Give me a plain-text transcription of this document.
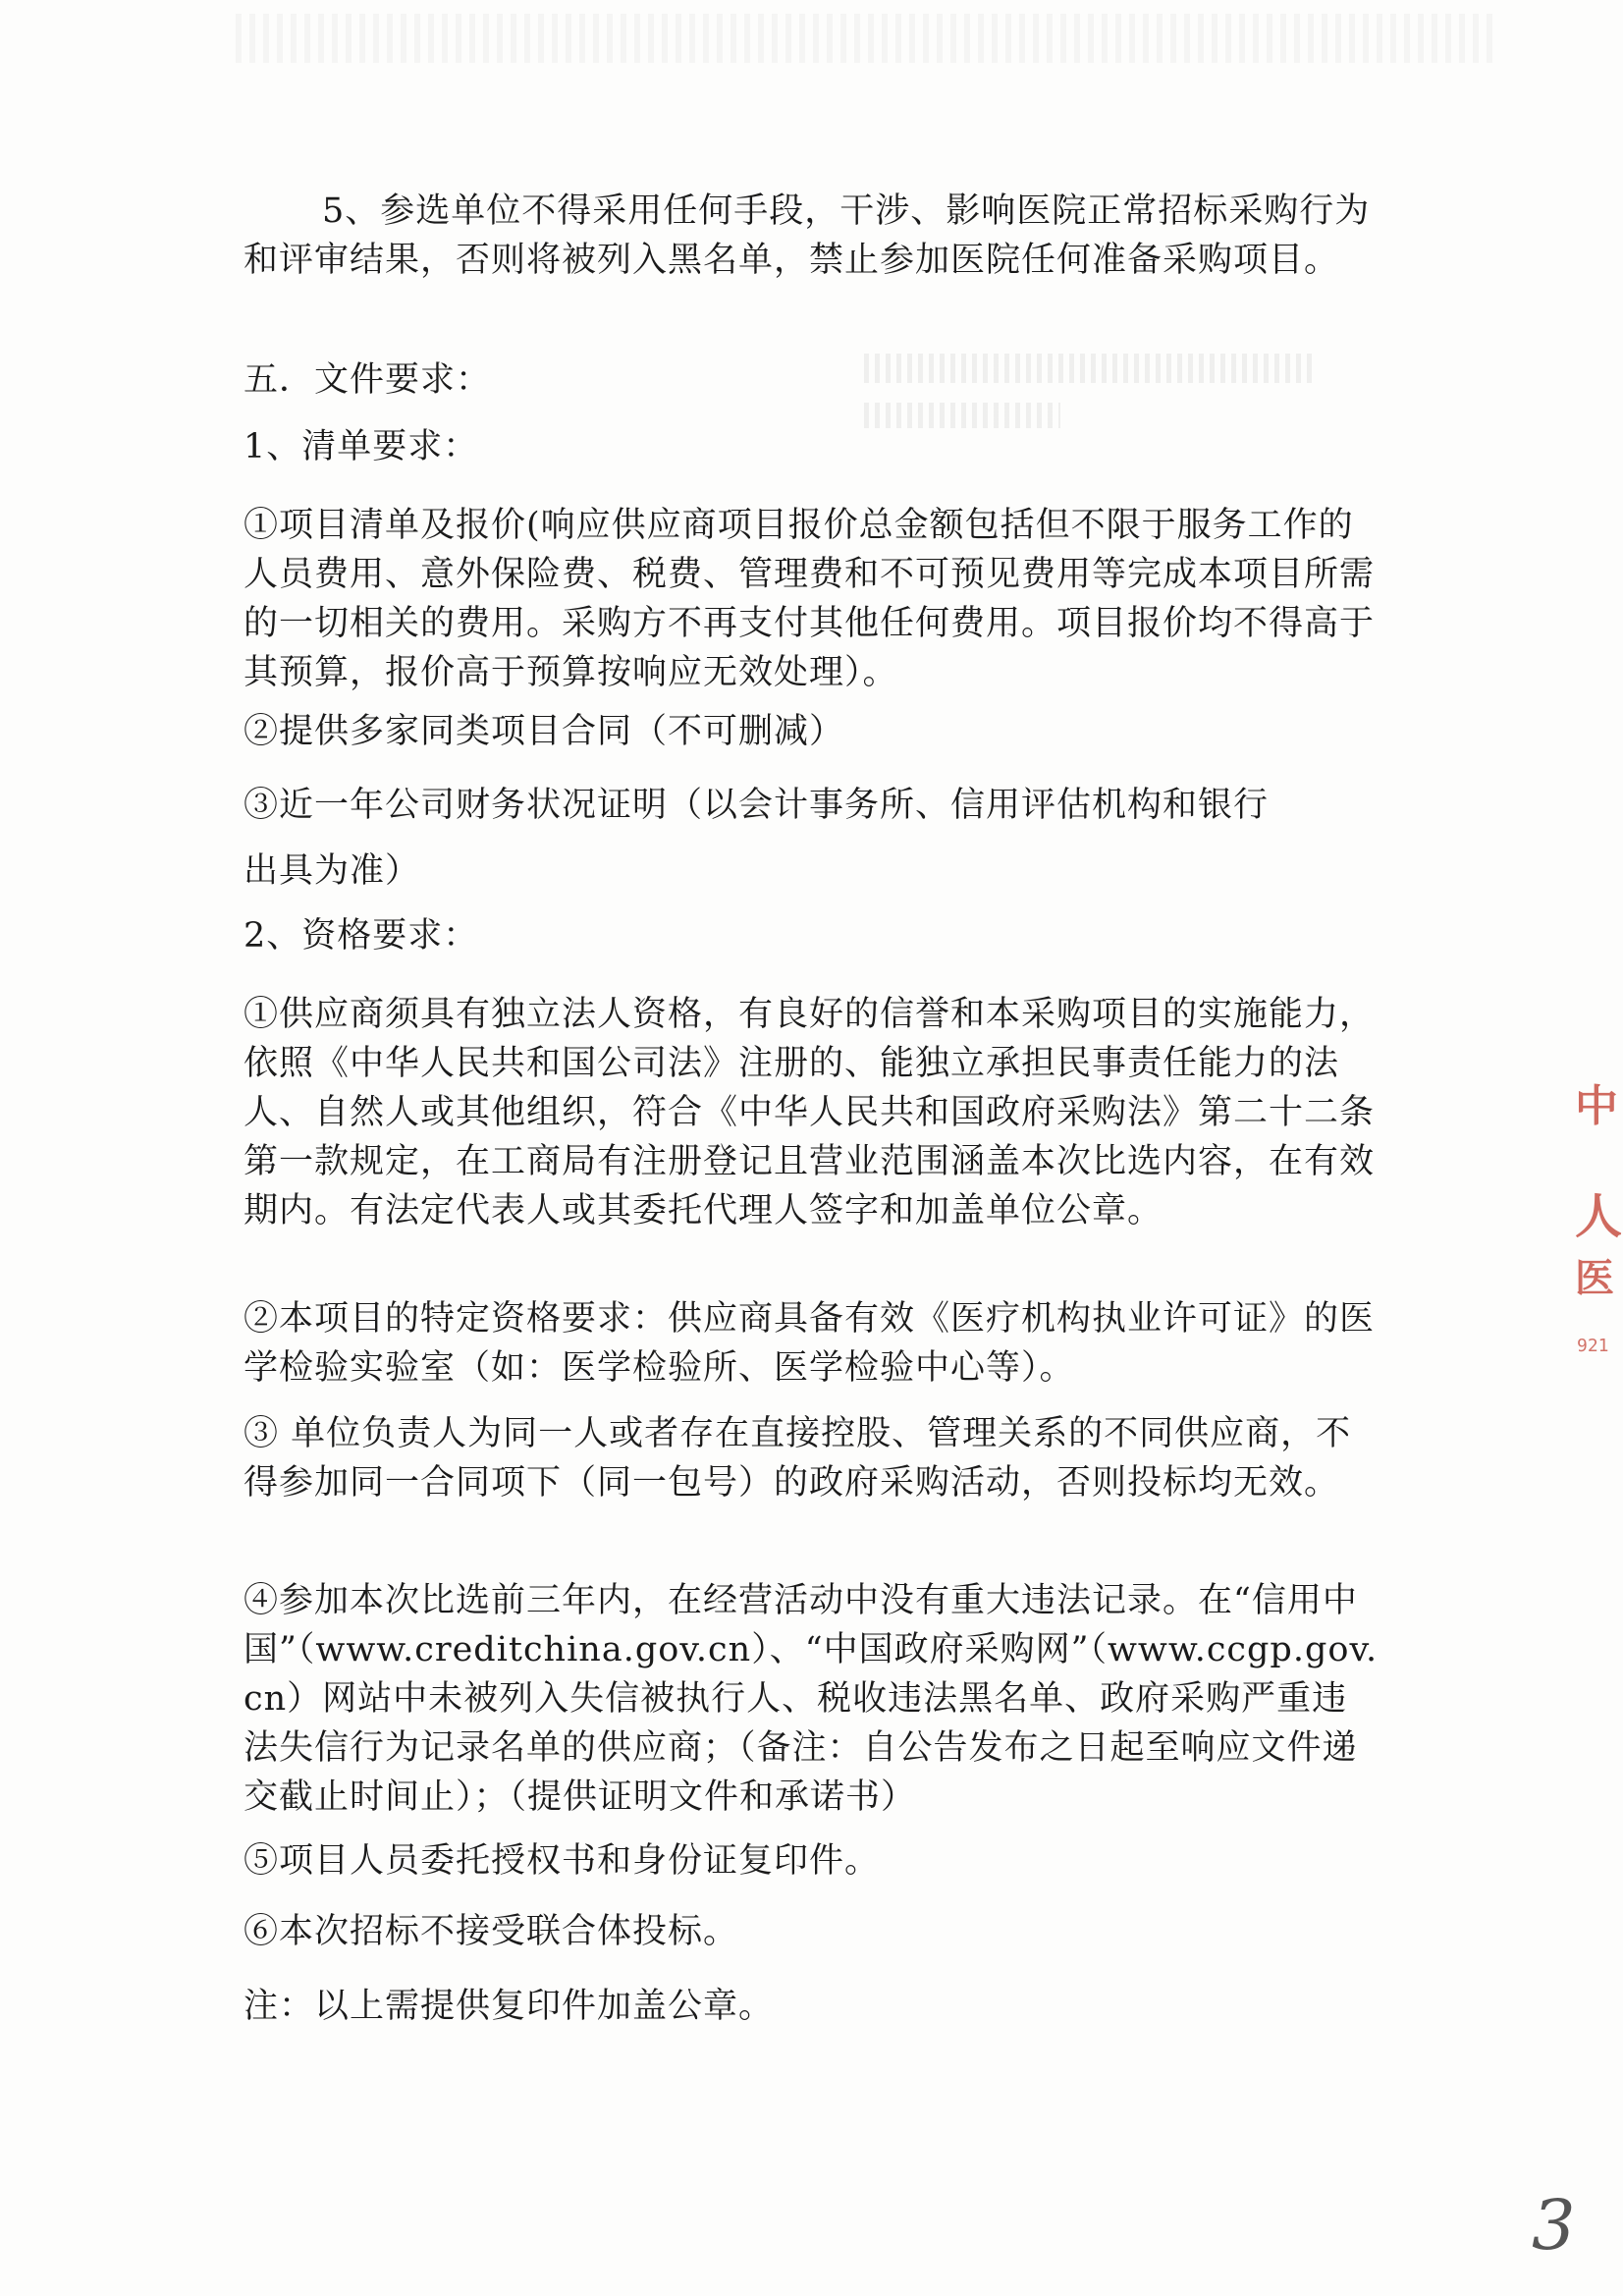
5、参选单位不得采用任何手段，干涉、影响医院正常招标采购行为和评审结果，否则将被列入黑名单，禁止参加医院任何准备采购项目。

五．文件要求：

1、清单要求：

①项目清单及报价(响应供应商项目报价总金额包括但不限于服务工作的人员费用、意外保险费、税费、管理费和不可预见费用等完成本项目所需的一切相关的费用。采购方不再支付其他任何费用。项目报价均不得高于其预算，报价高于预算按响应无效处理）。

②提供多家同类项目合同（不可删减）

③近一年公司财务状况证明（以会计事务所、信用评估机构和银行

出具为准）

2、资格要求：

①供应商须具有独立法人资格，有良好的信誉和本采购项目的实施能力，依照《中华人民共和国公司法》注册的、能独立承担民事责任能力的法人、自然人或其他组织，符合《中华人民共和国政府采购法》第二十二条第一款规定，在工商局有注册登记且营业范围涵盖本次比选内容，在有效期内。有法定代表人或其委托代理人签字和加盖单位公章。

②本项目的特定资格要求：供应商具备有效《医疗机构执业许可证》的医学检验实验室（如：医学检验所、医学检验中心等）。

③ 单位负责人为同一人或者存在直接控股、管理关系的不同供应商，不得参加同一合同项下（同一包号）的政府采购活动，否则投标均无效。

④参加本次比选前三年内，在经营活动中没有重大违法记录。在“信用中国”（www.creditchina.gov.cn）、“中国政府采购网”（www.ccgp.gov.cn）网站中未被列入失信被执行人、税收违法黑名单、政府采购严重违法失信行为记录名单的供应商；（备注：自公告发布之日起至响应文件递交截止时间止）；（提供证明文件和承诺书）

⑤项目人员委托授权书和身份证复印件。

⑥本次招标不接受联合体投标。

注：以上需提供复印件加盖公章。

中
人
医
921
3
